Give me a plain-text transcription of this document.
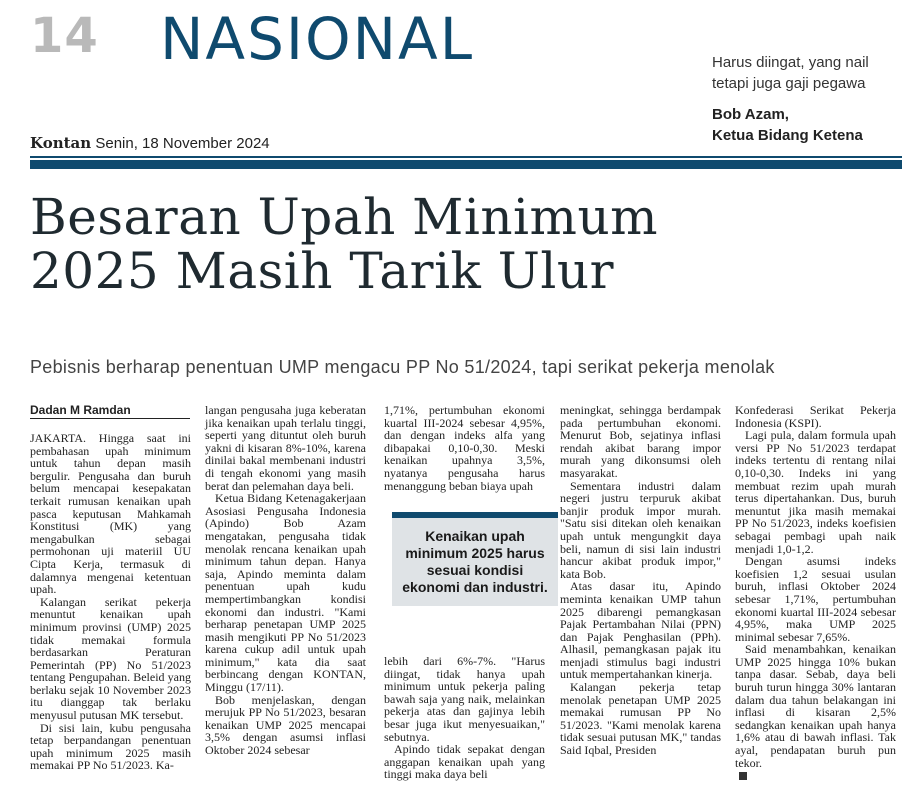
14 NASIONAL	Harus diingat, yang nail
tetapi juga gaji pegawa
Bob Azam,
Ketua Bidang Ketena
Kontan Senin, 18 November 2024
Besaran Upah Minimum
2025 Masih Tarik Ulur
Pebisnis berharap penentuan UMP mengacu PP No 51/2024, tapi serikat pekerja menolak
Dadan M Ramdan

JAKARTA. Hingga saat ini pembahasan upah minimum untuk tahun depan masih bergulir. Pengusaha dan buruh belum mencapai kesepakatan terkait rumusan kenaikan upah pasca keputusan Mahkamah Konstitusi (MK) yang mengabulkan sebagai permohonan uji materiil UU Cipta Kerja, termasuk di dalamnya mengenai ketentuan upah.

Kalangan serikat pekerja menuntut kenaikan upah minimum provinsi (UMP) 2025 tidak memakai formula berdasarkan Peraturan Pemerintah (PP) No 51/2023 tentang Pengupahan. Beleid yang berlaku sejak 10 November 2023 itu dianggap tak berlaku menyusul putusan MK tersebut.

Di sisi lain, kubu pengusaha tetap berpandangan penentuan upah minimum 2025 masih memakai PP No 51/2023. Ka-

langan pengusaha juga keberatan jika kenaikan upah terlalu tinggi, seperti yang dituntut oleh buruh yakni di kisaran 8%-10%, karena dinilai bakal membenani industri di tengah ekonomi yang masih berat dan pelemahan daya beli.

Ketua Bidang Ketenagakerjaan Asosiasi Pengusaha Indonesia (Apindo) Bob Azam mengatakan, pengusaha tidak menolak rencana kenaikan upah minimum tahun depan. Hanya saja, Apindo meminta dalam penentuan upah kudu mempertimbangkan kondisi ekonomi dan industri. "Kami berharap penetapan UMP 2025 masih mengikuti PP No 51/2023 karena cukup adil untuk upah minimum," kata dia saat berbincang dengan KONTAN, Minggu (17/11).

Bob menjelaskan, dengan merujuk PP No 51/2023, besaran kenaikan UMP 2025 mencapai 3,5% dengan asumsi inflasi Oktober 2024 sebesar

1,71%, pertumbuhan ekonomi kuartal III-2024 sebesar 4,95%, dan dengan indeks alfa yang dibapakai 0,10-0,30. Meski kenaikan upahnya 3,5%, nyatanya pengusaha harus menanggung beban biaya upah

Kenaikan upah minimum 2025 harus sesuai kondisi ekonomi dan industri.

lebih dari 6%-7%. "Harus diingat, tidak hanya upah minimum untuk pekerja paling bawah saja yang naik, melainkan pekerja atas dan gajinya lebih besar juga ikut menyesuaikan," sebutnya.

Apindo tidak sepakat dengan anggapan kenaikan upah yang tinggi maka daya beli

meningkat, sehingga berdampak pada pertumbuhan ekonomi. Menurut Bob, sejatinya inflasi rendah akibat barang impor murah yang dikonsumsi oleh masyarakat.

Sementara industri dalam negeri justru terpuruk akibat banjir produk impor murah. "Satu sisi ditekan oleh kenaikan upah untuk mengungkit daya beli, namun di sisi lain industri hancur akibat produk impor," kata Bob.

Atas dasar itu, Apindo meminta kenaikan UMP tahun 2025 dibarengi pemangkasan Pajak Pertambahan Nilai (PPN) dan Pajak Penghasilan (PPh). Alhasil, pemangkasan pajak itu menjadi stimulus bagi industri untuk mempertahankan kinerja.

Kalangan pekerja tetap menolak penetapan UMP 2025 memakai rumusan PP No 51/2023. "Kami menolak karena tidak sesuai putusan MK," tandas Said Iqbal, Presiden

Konfederasi Serikat Pekerja Indonesia (KSPI).

Lagi pula, dalam formula upah versi PP No 51/2023 terdapat indeks tertentu di rentang nilai 0,10-0,30. Indeks ini yang membuat rezim upah murah terus dipertahankan. Dus, buruh menuntut jika masih memakai PP No 51/2023, indeks koefisien sebagai pembagi upah naik menjadi 1,0-1,2.

Dengan asumsi indeks koefisien 1,2 sesuai usulan buruh, inflasi Oktober 2024 sebesar 1,71%, pertumbuhan ekonomi kuartal III-2024 sebesar 4,95%, maka UMP 2025 minimal sebesar 7,65%.

Said menambahkan, kenaikan UMP 2025 hingga 10% bukan tanpa dasar. Sebab, daya beli buruh turun hingga 30% lantaran dalam dua tahun belakangan ini inflasi di kisaran 2,5% sedangkan kenaikan upah hanya 1,6% atau di bawah inflasi. Tak ayal, pendapatan buruh pun tekor.
